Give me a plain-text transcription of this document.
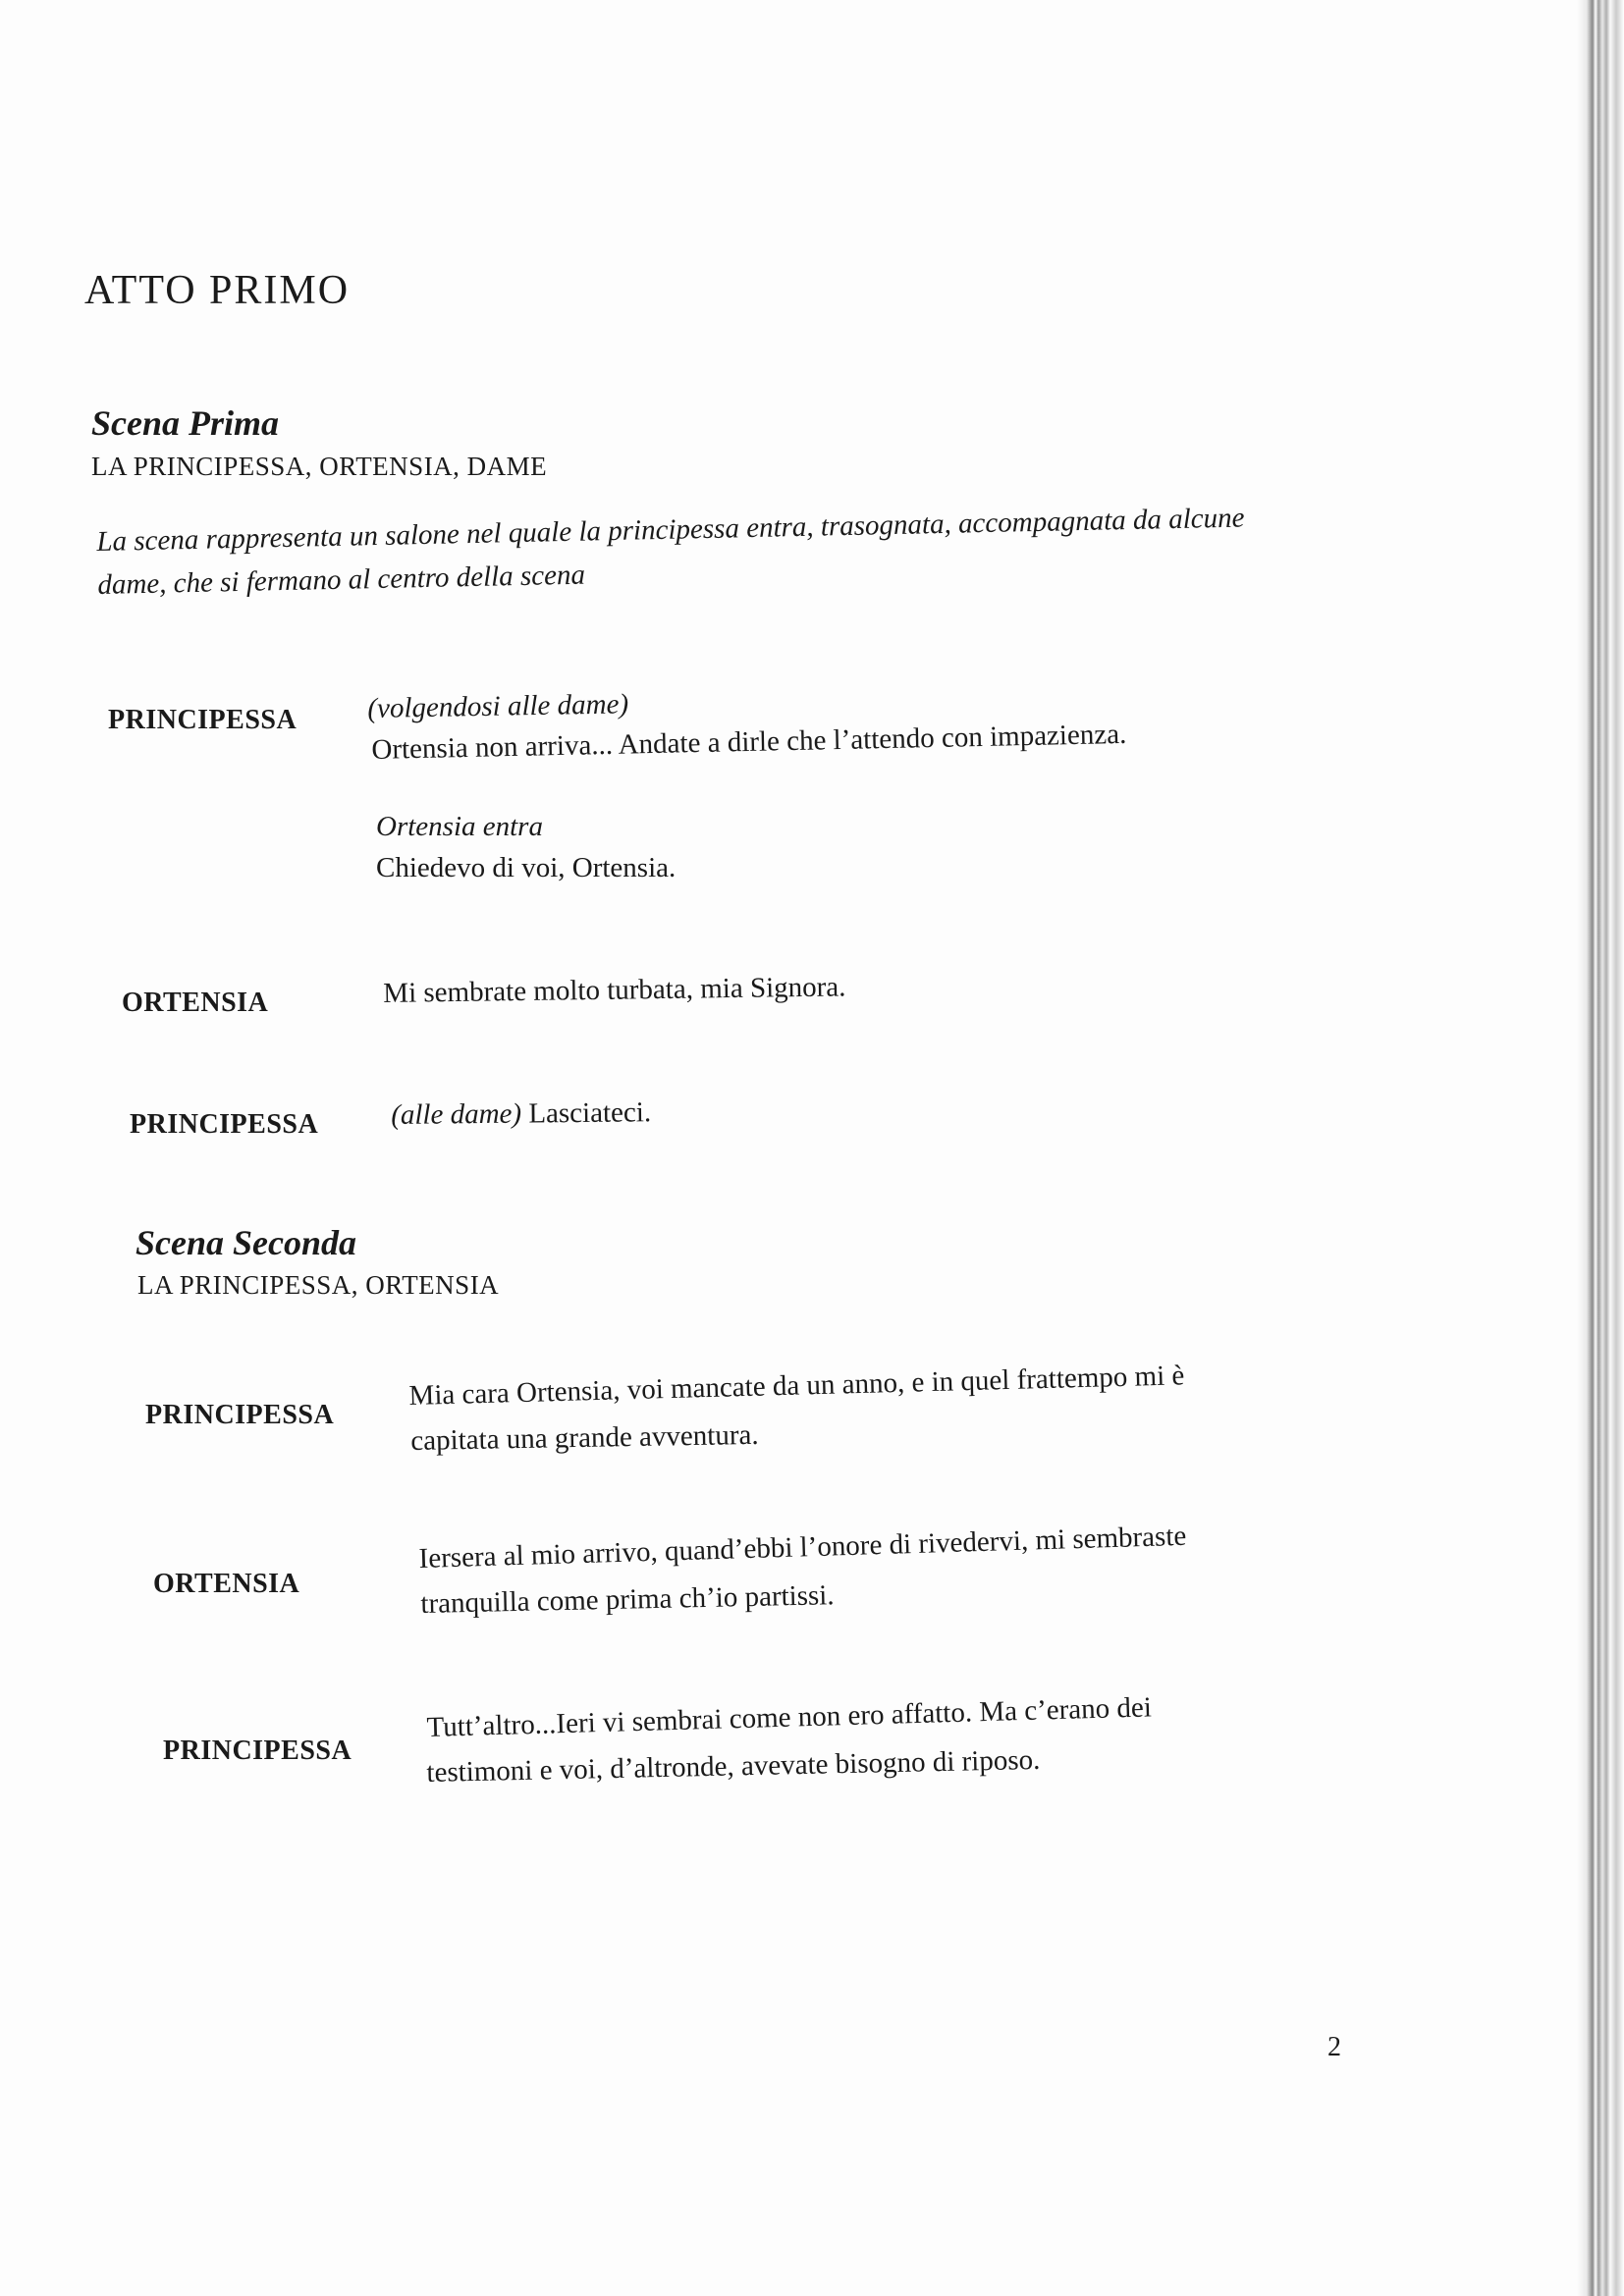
ATTO PRIMO
Scena Prima
LA PRINCIPESSA, ORTENSIA, DAME
La scena rappresenta un salone nel quale la principessa entra, trasognata, accompagnata da alcune dame, che si fermano al centro della scena
PRINCIPESSA (volgendosi alle dame)
Ortensia non arriva... Andate a dirle che l’attendo con impazienza.
Ortensia entra
Chiedevo di voi, Ortensia.
ORTENSIA	Mi sembrate molto turbata, mia Signora.
PRINCIPESSA	(alle dame) Lasciateci.
Scena Seconda
LA PRINCIPESSA, ORTENSIA
PRINCIPESSA
Mia cara Ortensia, voi mancate da un anno, e in quel frattempo mi è
capitata una grande avventura.
ORTENSIA
Iersera al mio arrivo, quand’ebbi l’onore di rivedervi, mi sembraste
tranquilla come prima ch’io partissi.
PRINCIPESSA
Tutt’altro...Ieri vi sembrai come non ero affatto. Ma c’erano dei
testimoni e voi, d’altronde, avevate bisogno di riposo.
2
